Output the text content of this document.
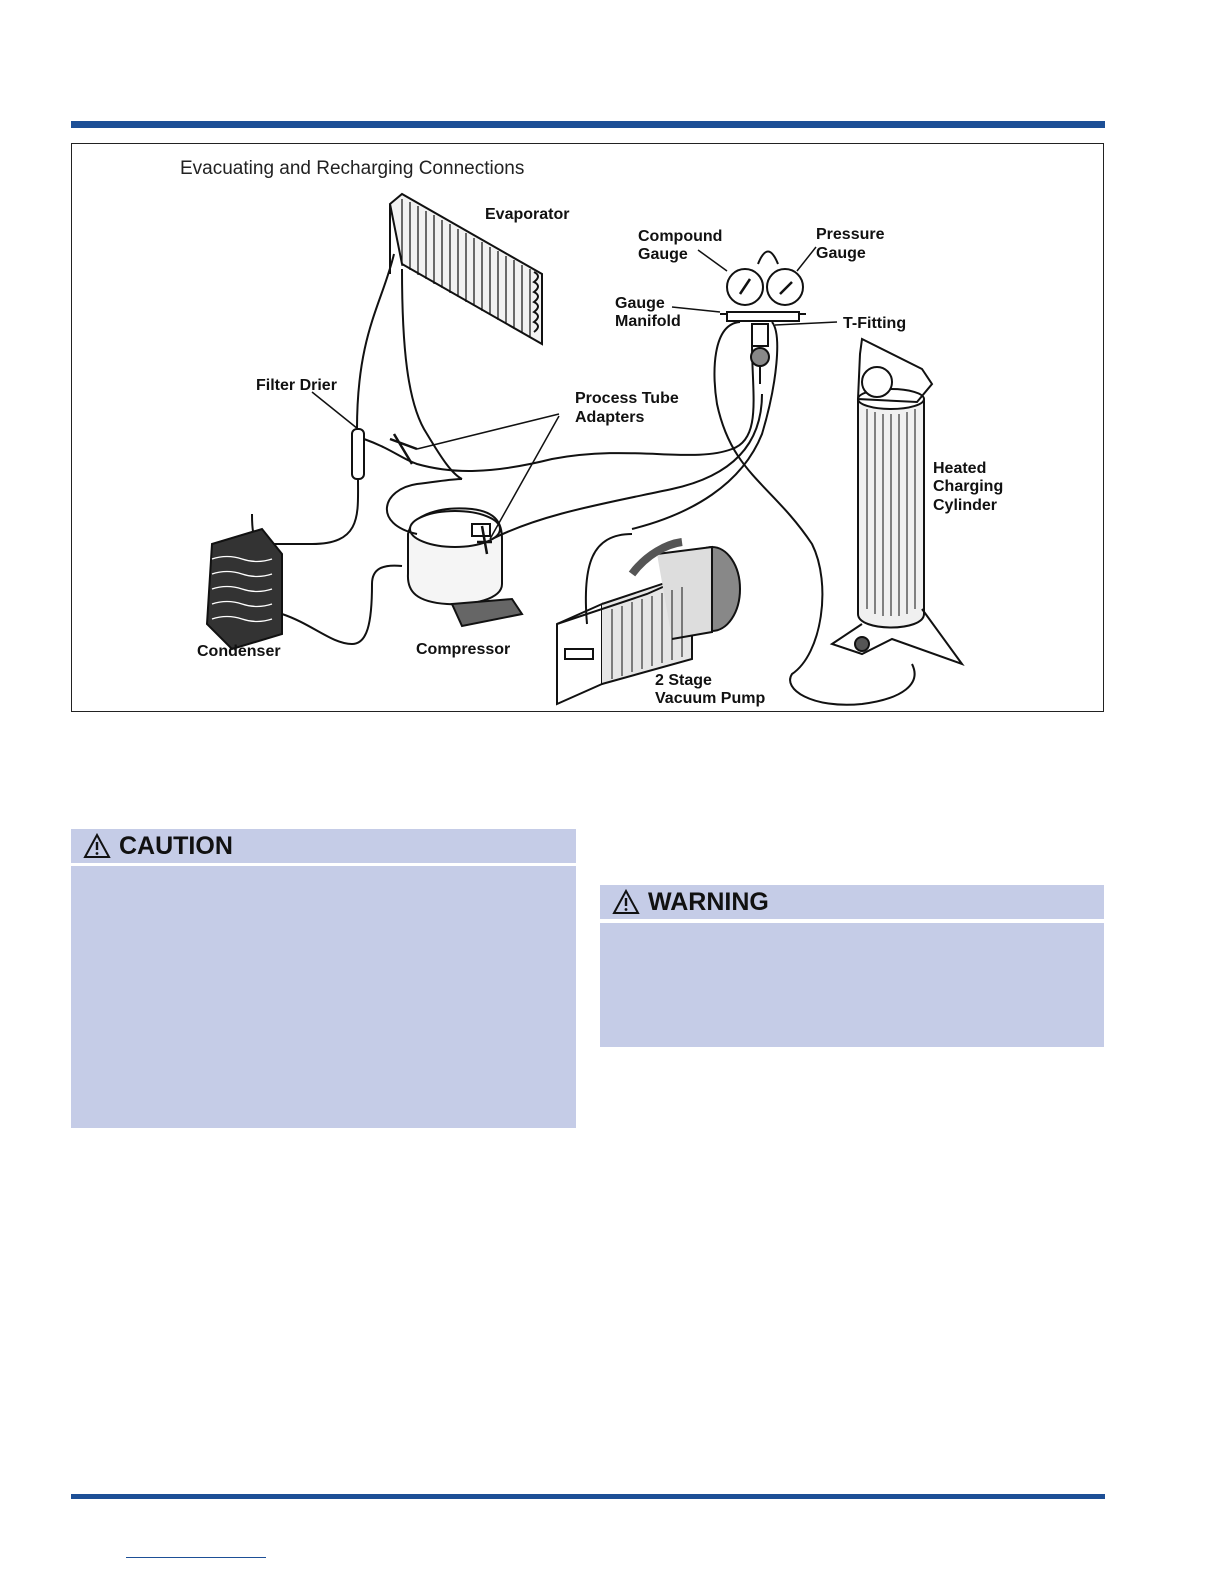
Evacuating and Recharging Connections
Evaporator
Compound
Gauge
Pressure
Gauge
Gauge
Manifold	T-Fitting
Filter Drier
Process Tube
Adapters
Heated
Charging
Cylinder
Condenser	Compressor
2 Stage
Vacuum Pump
CAUTION
WARNING
